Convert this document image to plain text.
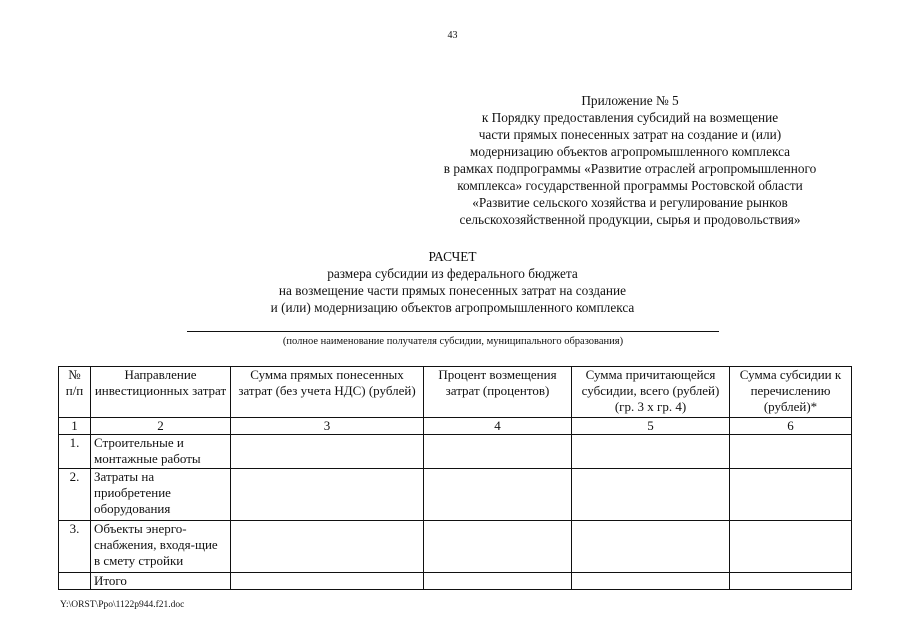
43
Приложение № 5
к Порядку предоставления субсидий на возмещение
части прямых понесенных затрат на создание и (или)
модернизацию объектов агропромышленного комплекса
в рамках подпрограммы «Развитие отраслей агропромышленного
комплекса» государственной программы Ростовской области
«Развитие сельского хозяйства и регулирование рынков
сельскохозяйственной продукции, сырья и продовольствия»
РАСЧЕТ
размера субсидии из федерального бюджета
на возмещение части прямых понесенных затрат на создание
и (или) модернизацию объектов агропромышленного комплекса
(полное наименование получателя субсидии, муниципального образования)
№ п/п	Направление инвестиционных затрат	Сумма прямых понесенных затрат (без учета НДС) (рублей)	Процент возмещения затрат (процентов)	Сумма причитающейся субсидии, всего (рублей) (гр. 3 x гр. 4)	Сумма субсидии к перечислению (рублей)*
1	2	3	4	5	6
1.	Строительные и монтажные работы				
2.	Затраты на приобретение оборудования				
3.	Объекты энерго-снабжения, входя-щие в смету стройки				
	Итого				
Y:\ORST\Ppo\1122p944.f21.doc
